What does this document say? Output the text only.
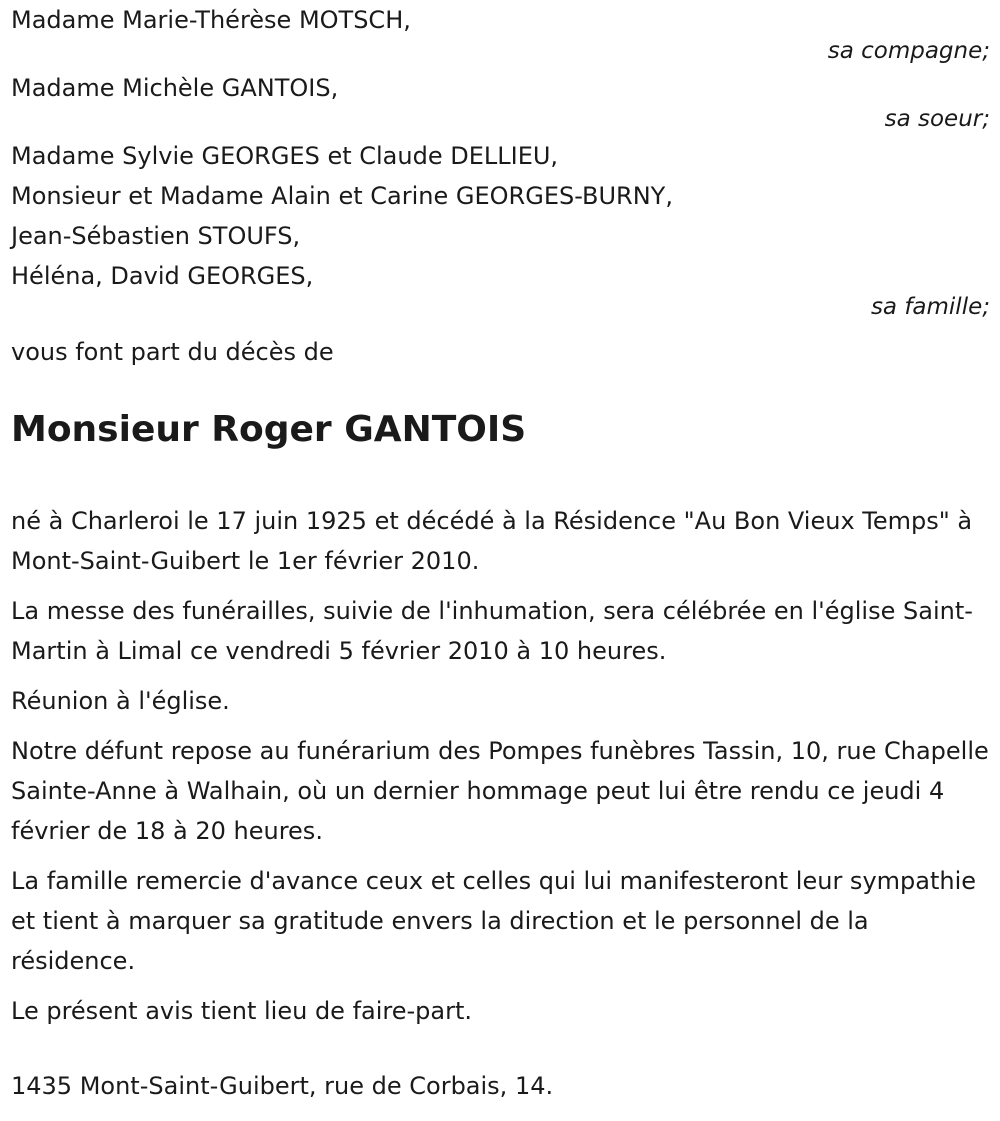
Madame Marie-Thérèse MOTSCH,
sa compagne;
Madame Michèle GANTOIS,
sa soeur;
Madame Sylvie GEORGES et Claude DELLIEU,
Monsieur et Madame Alain et Carine GEORGES-BURNY,
Jean-Sébastien STOUFS,
Héléna, David GEORGES,
sa famille;
vous font part du décès de
Monsieur Roger GANTOIS
né à Charleroi le 17 juin 1925 et décédé à la Résidence "Au Bon Vieux Temps" à Mont-Saint-Guibert le 1er février 2010.
La messe des funérailles, suivie de l'inhumation, sera célébrée en l'église Saint-Martin à Limal ce vendredi 5 février 2010 à 10 heures.
Réunion à l'église.
Notre défunt repose au funérarium des Pompes funèbres Tassin, 10, rue Chapelle Sainte-Anne à Walhain, où un dernier hommage peut lui être rendu ce jeudi 4 février de 18 à 20 heures.
La famille remercie d'avance ceux et celles qui lui manifesteront leur sympathie et tient à marquer sa gratitude envers la direction et le personnel de la résidence.
Le présent avis tient lieu de faire-part.
1435 Mont-Saint-Guibert, rue de Corbais, 14.
